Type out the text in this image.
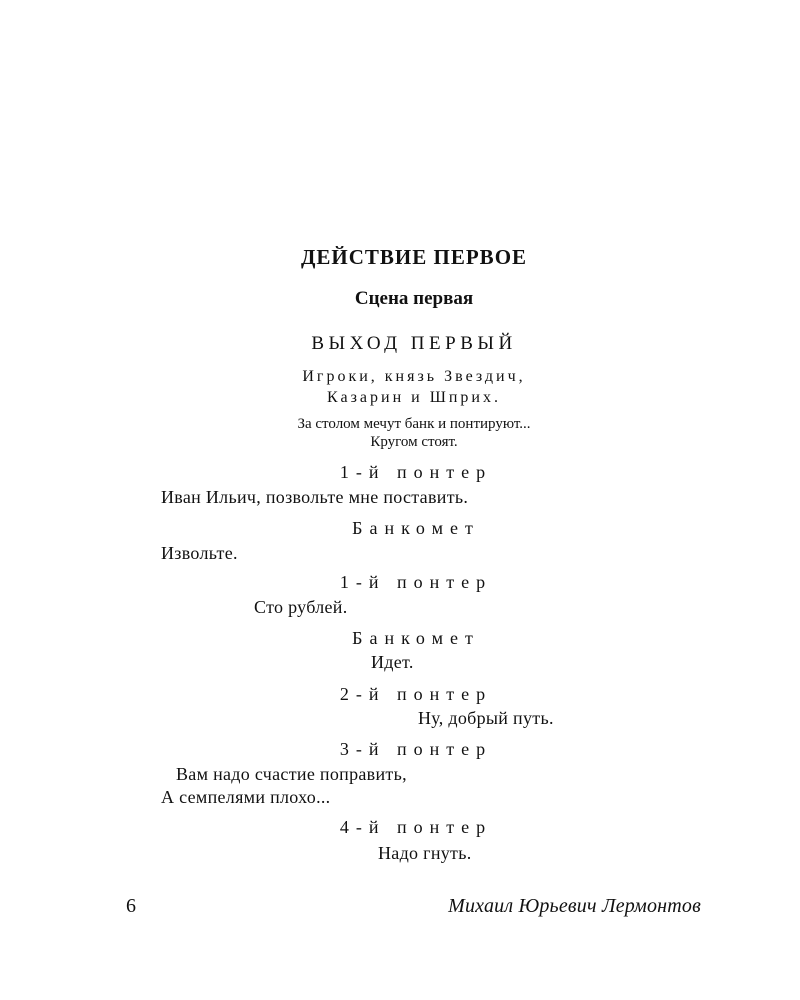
ДЕЙСТВИЕ ПЕРВОЕ

Сцена первая

ВЫХОД ПЕРВЫЙ

Игроки, князь Звездич,

Казарин и Шприх.

За столом мечут банк и понтируют...

Кругом стоят.

1-й понтер

Иван Ильич, позвольте мне поставить.

Банкомет

Извольте.

1-й понтер

Сто рублей.

Банкомет

Идет.

2-й понтер

Ну, добрый путь.

3-й понтер

Вам надо счастие поправить,

А семпелями плохо...

4-й понтер

Надо гнуть.

6	Михаил Юрьевич Лермонтов
